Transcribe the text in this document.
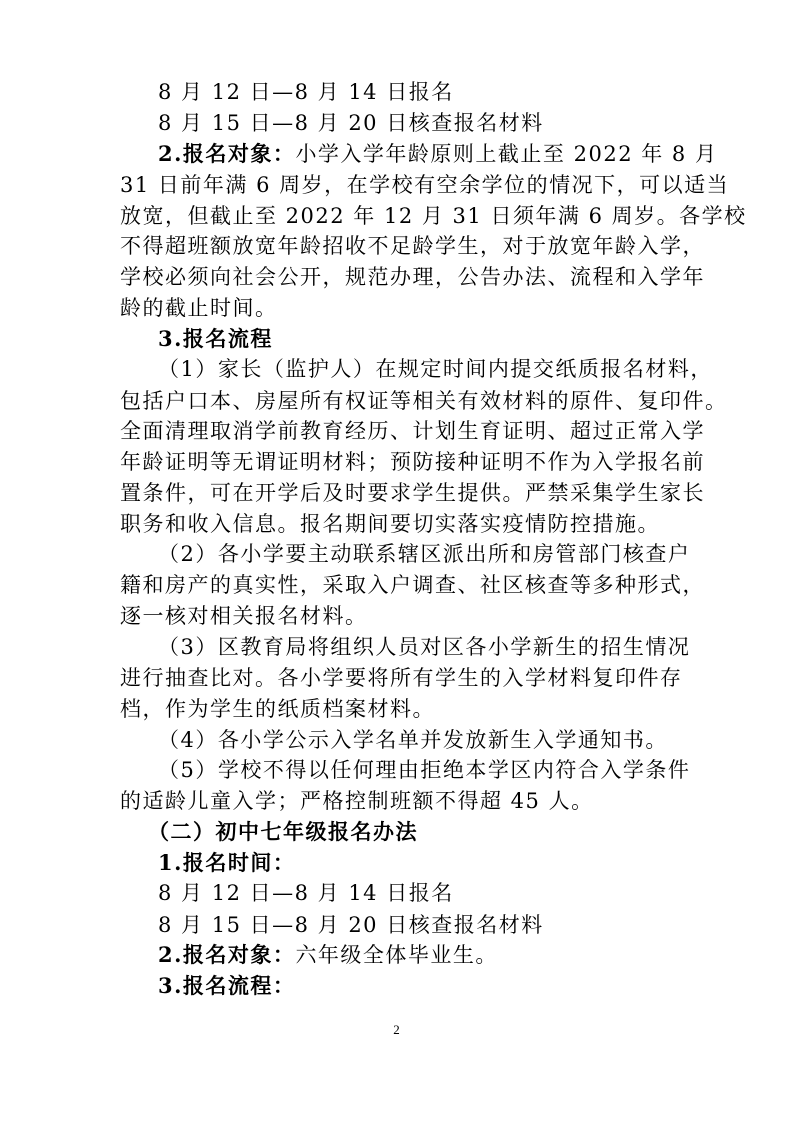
8 月 12 日—8 月 14 日报名
8 月 15 日—8 月 20 日核查报名材料
2.报名对象：小学入学年龄原则上截止至 2022 年 8 月
31 日前年满 6 周岁，在学校有空余学位的情况下，可以适当
放宽，但截止至 2022 年 12 月 31 日须年满 6 周岁。各学校
不得超班额放宽年龄招收不足龄学生，对于放宽年龄入学，
学校必须向社会公开，规范办理，公告办法、流程和入学年
龄的截止时间。
3.报名流程
（1）家长（监护人）在规定时间内提交纸质报名材料，
包括户口本、房屋所有权证等相关有效材料的原件、复印件。
全面清理取消学前教育经历、计划生育证明、超过正常入学
年龄证明等无谓证明材料；预防接种证明不作为入学报名前
置条件，可在开学后及时要求学生提供。严禁采集学生家长
职务和收入信息。报名期间要切实落实疫情防控措施。
（2）各小学要主动联系辖区派出所和房管部门核查户
籍和房产的真实性，采取入户调查、社区核查等多种形式，
逐一核对相关报名材料。
（3）区教育局将组织人员对区各小学新生的招生情况
进行抽查比对。各小学要将所有学生的入学材料复印件存
档，作为学生的纸质档案材料。
（4）各小学公示入学名单并发放新生入学通知书。
（5）学校不得以任何理由拒绝本学区内符合入学条件
的适龄儿童入学；严格控制班额不得超 45 人。
（二）初中七年级报名办法
1.报名时间：
8 月 12 日—8 月 14 日报名
8 月 15 日—8 月 20 日核查报名材料
2.报名对象：六年级全体毕业生。
3.报名流程：
2
